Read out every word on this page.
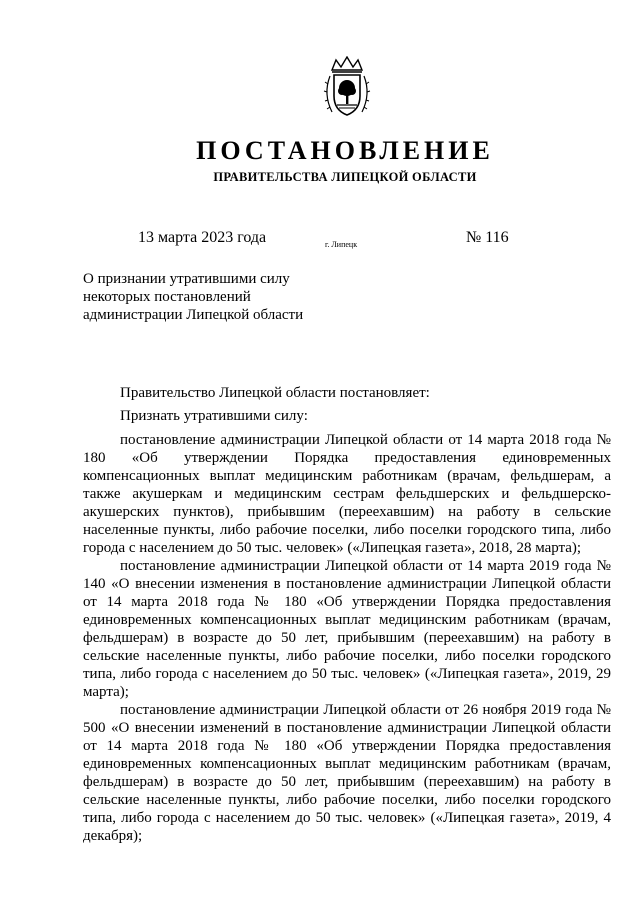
ПОСТАНОВЛЕНИЕ
ПРАВИТЕЛЬСТВА ЛИПЕЦКОЙ ОБЛАСТИ
13 марта 2023 года	г. Липецк	№ 116
О признании утратившими силу
некоторых постановлений
администрации Липецкой области

Правительство Липецкой области постановляет:

Признать утратившими силу:

постановление администрации Липецкой области от 14 марта 2018 года № 180 «Об утверждении Порядка предоставления единовременных компенсационных выплат медицинским работникам (врачам, фельдшерам, а также акушеркам и медицинским сестрам фельдшерских и фельдшерско-акушерских пунктов), прибывшим (переехавшим) на работу в сельские населенные пункты, либо рабочие поселки, либо поселки городского типа, либо города с населением до 50 тыс. человек» («Липецкая газета», 2018, 28 марта);

постановление администрации Липецкой области от 14 марта 2019 года № 140 «О внесении изменения в постановление администрации Липецкой области от 14 марта 2018 года № 180 «Об утверждении Порядка предоставления единовременных компенсационных выплат медицинским работникам (врачам, фельдшерам) в возрасте до 50 лет, прибывшим (переехавшим) на работу в сельские населенные пункты, либо рабочие поселки, либо поселки городского типа, либо города с населением до 50 тыс. человек» («Липецкая газета», 2019, 29 марта);

постановление администрации Липецкой области от 26 ноября 2019 года № 500 «О внесении изменений в постановление администрации Липецкой области от 14 марта 2018 года № 180 «Об утверждении Порядка предоставления единовременных компенсационных выплат медицинским работникам (врачам, фельдшерам) в возрасте до 50 лет, прибывшим (переехавшим) на работу в сельские населенные пункты, либо рабочие поселки, либо поселки городского типа, либо города с населением до 50 тыс. человек» («Липецкая газета», 2019, 4 декабря);
